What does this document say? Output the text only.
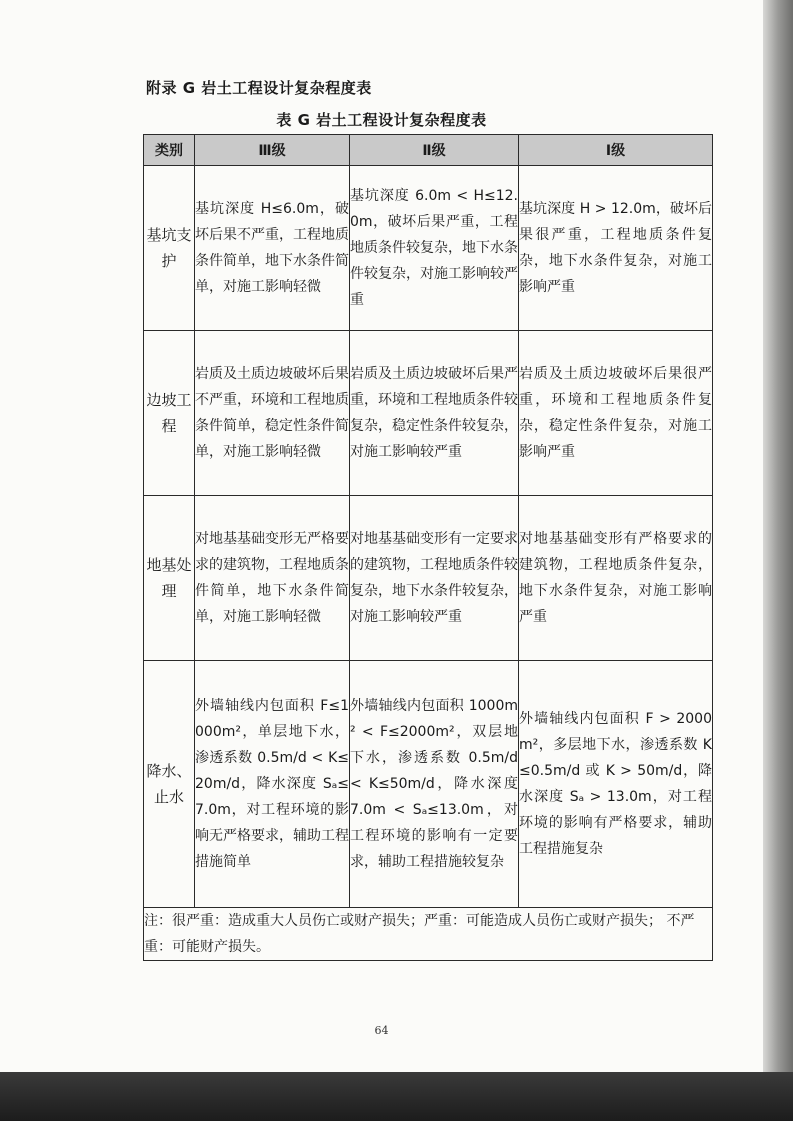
附录 G 岩土工程设计复杂程度表
表 G 岩土工程设计复杂程度表
类别	Ⅲ级	Ⅱ级	Ⅰ级
基坑支护	基坑深度 H≤6.0m，破坏后果不严重，工程地质条件简单，地下水条件简单，对施工影响轻微	基坑深度 6.0m < H≤12.0m，破坏后果严重，工程地质条件较复杂，地下水条件较复杂，对施工影响较严重	基坑深度 H > 12.0m，破坏后果很严重，工程地质条件复杂，地下水条件复杂，对施工影响严重
边坡工程	岩质及土质边坡破坏后果不严重，环境和工程地质条件简单，稳定性条件简单，对施工影响轻微	岩质及土质边坡破坏后果严重，环境和工程地质条件较复杂，稳定性条件较复杂，对施工影响较严重	岩质及土质边坡破坏后果很严重，环境和工程地质条件复杂，稳定性条件复杂，对施工影响严重
地基处理	对地基基础变形无严格要求的建筑物，工程地质条件简单，地下水条件简单，对施工影响轻微	对地基基础变形有一定要求的建筑物，工程地质条件较复杂，地下水条件较复杂，对施工影响较严重	对地基基础变形有严格要求的建筑物，工程地质条件复杂，地下水条件复杂，对施工影响严重
降水、止水	外墙轴线内包面积 F≤1000m²，单层地下水，渗透系数 0.5m/d < K≤20m/d，降水深度 Sₐ≤7.0m，对工程环境的影响无严格要求，辅助工程措施简单	外墙轴线内包面积 1000m² < F≤2000m²，双层地下水，渗透系数 0.5m/d < K≤50m/d，降水深度 7.0m < Sₐ≤13.0m，对工程环境的影响有一定要求，辅助工程措施较复杂	外墙轴线内包面积 F > 2000m²，多层地下水，渗透系数 K≤0.5m/d 或 K > 50m/d，降水深度 Sₐ > 13.0m，对工程环境的影响有严格要求，辅助工程措施复杂
注：很严重：造成重大人员伤亡或财产损失；严重：可能造成人员伤亡或财产损失； 不严重：可能财产损失。			
64
